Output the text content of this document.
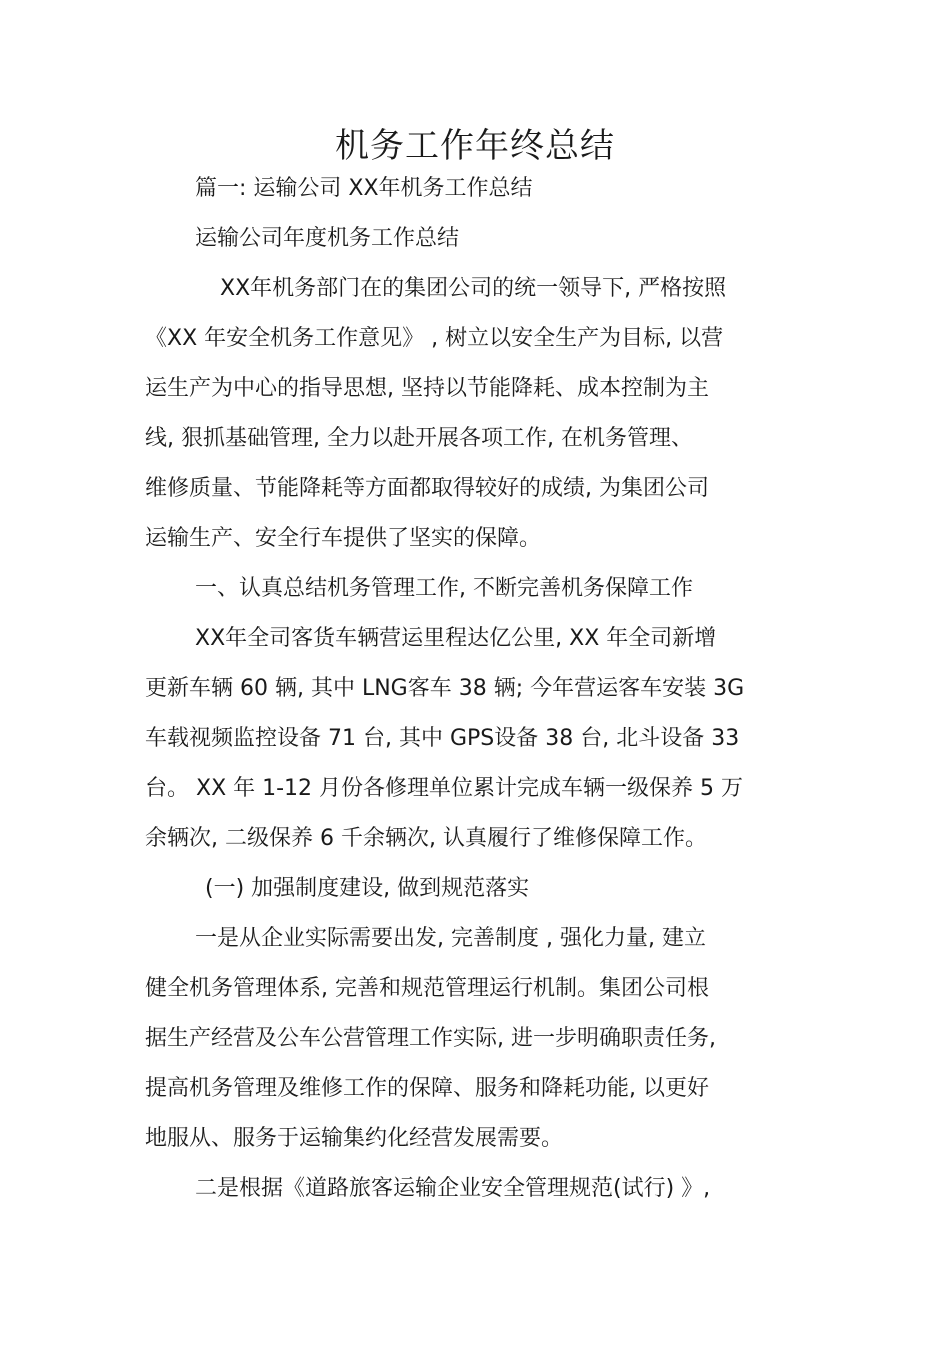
机务工作年终总结
篇一: 运输公司 XX年机务工作总结
运输公司年度机务工作总结
XX年机务部门在的集团公司的统一领导下, 严格按照
《XX 年安全机务工作意见》 , 树立以安全生产为目标, 以营
运生产为中心的指导思想, 坚持以节能降耗、成本控制为主
线, 狠抓基础管理, 全力以赴开展各项工作, 在机务管理、
维修质量、节能降耗等方面都取得较好的成绩, 为集团公司
运输生产、安全行车提供了坚实的保障。
一、认真总结机务管理工作, 不断完善机务保障工作
XX年全司客货车辆营运里程达亿公里, XX 年全司新增
更新车辆 60 辆, 其中 LNG客车 38 辆; 今年营运客车安装 3G
车载视频监控设备 71 台, 其中 GPS设备 38 台, 北斗设备 33
台。 XX 年 1-12 月份各修理单位累计完成车辆一级保养 5 万
余辆次, 二级保养 6 千余辆次, 认真履行了维修保障工作。
(一) 加强制度建设, 做到规范落实
一是从企业实际需要出发, 完善制度 , 强化力量, 建立
健全机务管理体系, 完善和规范管理运行机制。集团公司根
据生产经营及公车公营管理工作实际, 进一步明确职责任务,
提高机务管理及维修工作的保障、服务和降耗功能, 以更好
地服从、服务于运输集约化经营发展需要。
二是根据《道路旅客运输企业安全管理规范(试行) 》,
